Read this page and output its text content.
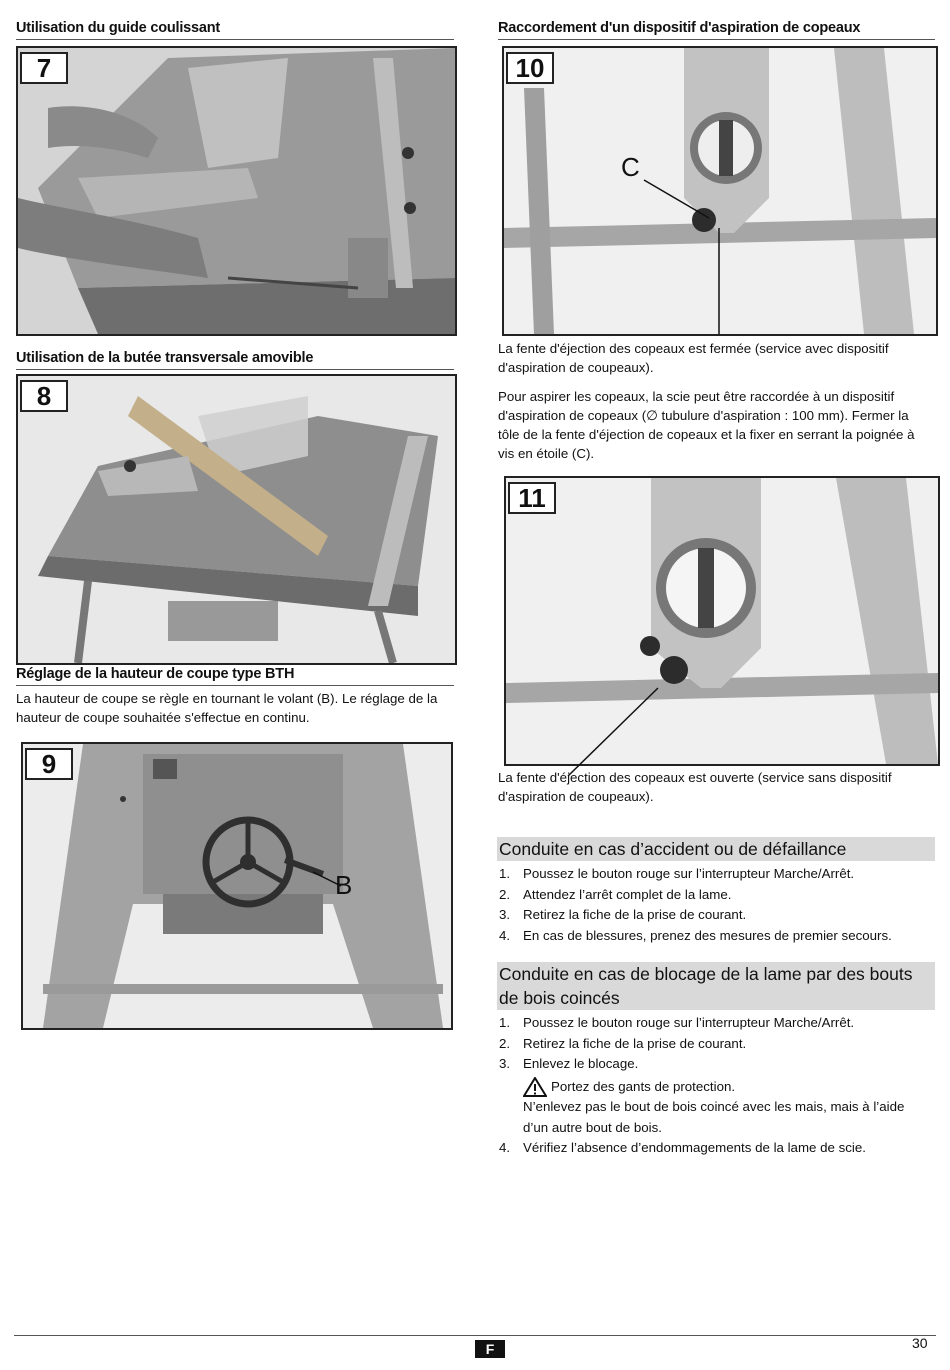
Utilisation du guide coulissant
7
Utilisation de la butée transversale amovible
8
Réglage de la hauteur de coupe type BTH
La hauteur de coupe se règle en tournant le volant (B). Le réglage de la hauteur de coupe souhaitée s'effectue en continu.
9
B
Raccordement d'un dispositif d'aspiration de copeaux
10
C
La fente d'éjection des copeaux est fermée (service avec dispositif d'aspiration de coupeaux).
Pour aspirer les copeaux, la scie peut être raccordée à un dispositif d'aspiration de copeaux (∅ tubulure d'aspiration : 100 mm). Fermer la tôle de la fente d'éjection de copeaux et la fixer en serrant la poignée à vis en étoile (C).
11
La fente d'éjection des copeaux est ouverte (service sans dispositif d'aspiration de coupeaux).
Conduite en cas d’accident ou de défaillance
1. Poussez le bouton rouge sur l’interrupteur Marche/Arrêt.
2. Attendez l’arrêt complet de la lame.
3. Retirez la fiche de la prise de courant.
4. En cas de blessures, prenez des mesures de premier secours.
Conduite en cas de blocage de la lame par des bouts de bois coincés
1. Poussez le bouton rouge sur l’interrupteur Marche/Arrêt.
2. Retirez la fiche de la prise de courant.
3. Enlevez le blocage.
Portez des gants de protection.
N’enlevez pas le bout de bois coincé avec les mais, mais à l’aide d’un autre bout de bois.
4. Vérifiez l’absence d’endommagements de la lame de scie.
F	30
